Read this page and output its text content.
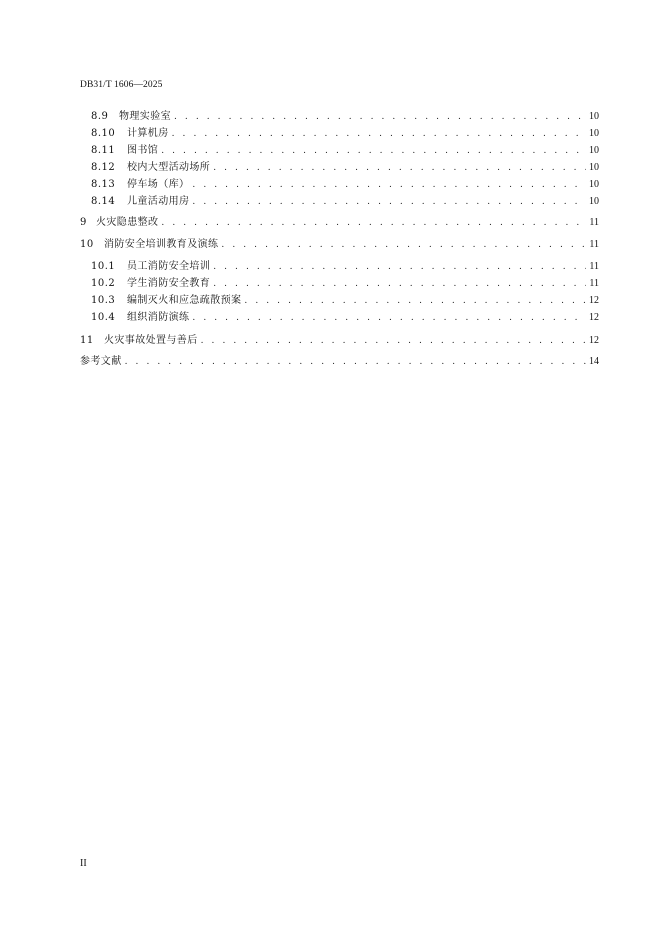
DB31/T 1606—2025
8.9	物理实验室 . . .	10
8.10	计算机房 . . .	10
8.11	图书馆 . . .	10
8.12	校内大型活动场所 . . .	10
8.13	停车场（库） . . .	10
8.14	儿童活动用房 . . .	10
9 火灾隐患整改 . . .	11
10	消防安全培训教育及演练 . . .	11
10.1	员工消防安全培训 . . .	11
10.2	学生消防安全教育 . . .	11
10.3	编制灭火和应急疏散预案 . . .	12
10.4	组织消防演练 . . .	12
11	火灾事故处置与善后 . . .	12
参考文献 . . .	14
II
